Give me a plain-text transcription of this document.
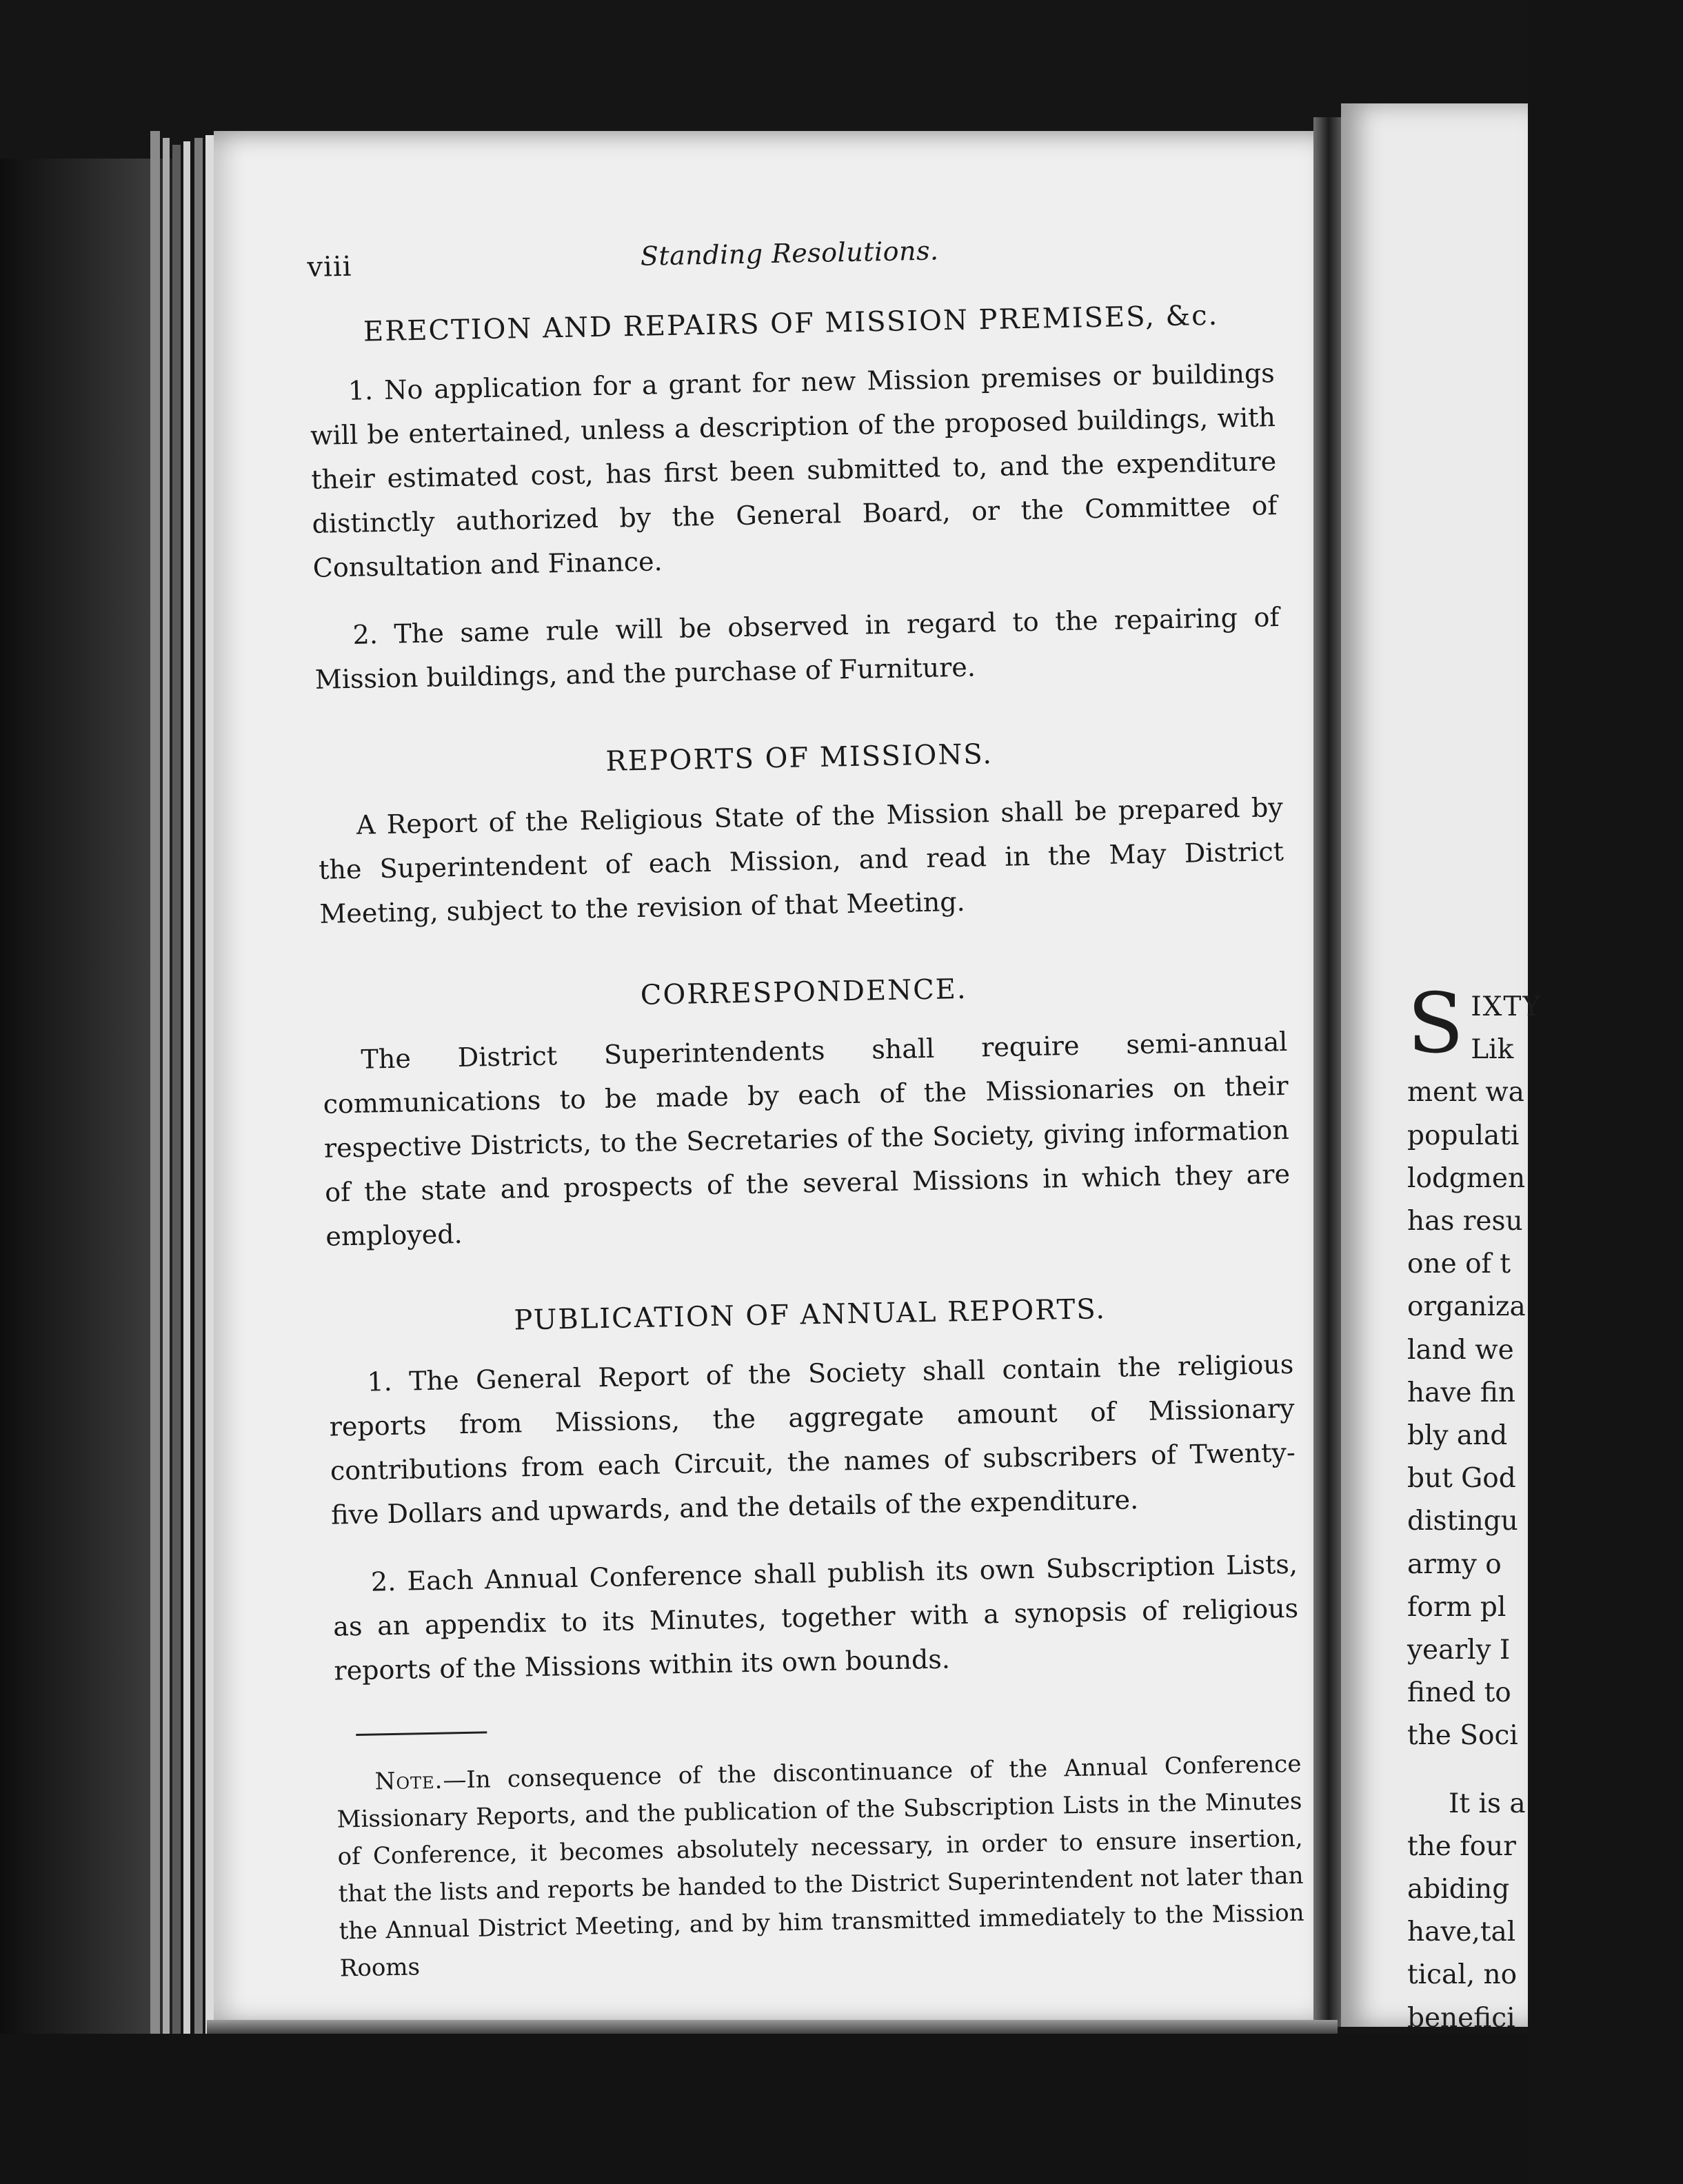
viii	Standing Resolutions.
ERECTION AND REPAIRS OF MISSION PREMISES, &c.

1. No application for a grant for new Mission premises or buildings will be entertained, unless a description of the proposed buildings, with their estimated cost, has first been submitted to, and the expenditure distinctly authorized by the General Board, or the Committee of Consultation and Finance.

2. The same rule will be observed in regard to the repairing of Mission buildings, and the purchase of Furniture.

REPORTS OF MISSIONS.

A Report of the Religious State of the Mission shall be prepared by the Superintendent of each Mission, and read in the May District Meeting, subject to the revision of that Meeting.

CORRESPONDENCE.

The District Superintendents shall require semi-annual communications to be made by each of the Missionaries on their respective Districts, to the Secretaries of the Society, giving information of the state and prospects of the several Missions in which they are employed.

PUBLICATION OF ANNUAL REPORTS.

1. The General Report of the Society shall contain the religious reports from Missions, the aggregate amount of Missionary contributions from each Circuit, the names of subscribers of Twenty-five Dollars and upwards, and the details of the expenditure.

2. Each Annual Conference shall publish its own Subscription Lists, as an appendix to its Minutes, together with a synopsis of religious reports of the Missions within its own bounds.

Note.—In consequence of the discontinuance of the Annual Conference Missionary Reports, and the publication of the Subscription Lists in the Minutes of Conference, it becomes absolutely necessary, in order to ensure insertion, that the lists and reports be handed to the District Superintendent not later than the Annual District Meeting, and by him transmitted immediately to the Mission Rooms

S IXTY
Lik
ment wa
populati
lodgmen
has resu
one of t
organiza
land we
have fin
bly and
but God
distingu
army o
form pl
yearly I
fined to
the Soci
It is a
the four
abiding
have,tal
tical, no
benefici
